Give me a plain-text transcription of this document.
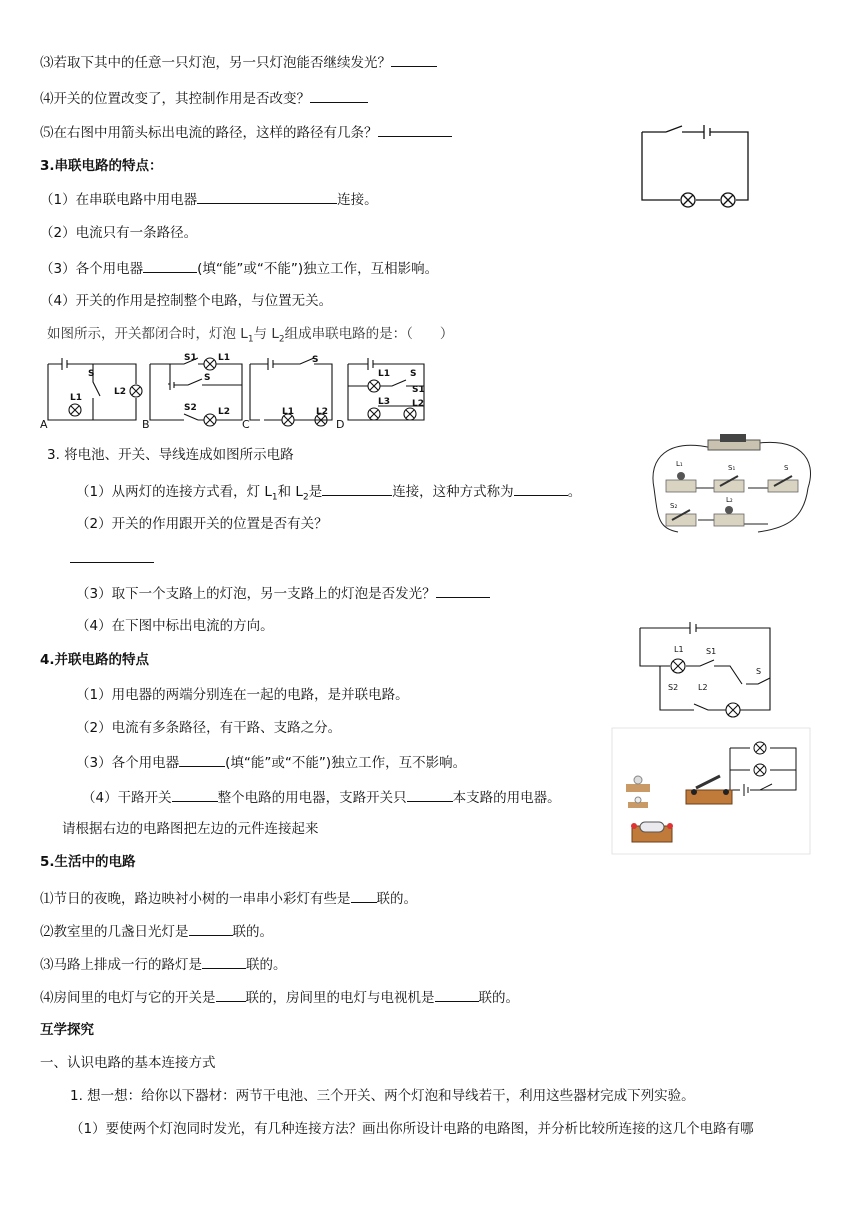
⑶若取下其中的任意一只灯泡，另一只灯泡能否继续发光？
⑷开关的位置改变了，其控制作用是否改变？
⑸在右图中用箭头标出电流的路径，这样的路径有几条？
3.串联电路的特点：
（1）在串联电路中用电器	连接。
（2）电流只有一条路径。
（3）各个用电器	(填“能”或“不能”)独立工作，互相影响。
（4）开关的作用是控制整个电路，与位置无关。
如图所示，开关都闭合时，灯泡 $L_1$与 $L_2$组成串联电路的是：（　　）
L1
L2
S
S1 L1
S
S2 L2
S
L1 L2
L1 S
S1
L3 L2
A	B	C	D
L₁	S₁	S
S₂
L₂
3. 将电池、开关、导线连成如图所示电路
（1）从两灯的连接方式看，灯 $L_1$和 $L_2$是	连接，这种方式称为	。
（2）开关的作用跟开关的位置是否有关？
（3）取下一个支路上的灯泡，另一支路上的灯泡是否发光？
（4）在下图中标出电流的方向。
L1	S1
S
S2 L2
4.并联电路的特点
（1）用电器的两端分别连在一起的电路，是并联电路。
（2）电流有多条路径，有干路、支路之分。
（3）各个用电器	(填“能”或“不能”)独立工作，互不影响。
（4）干路开关	整个电路的用电器，支路开关只	本支路的用电器。
请根据右边的电路图把左边的元件连接起来
5.生活中的电路
⑴节日的夜晚，路边映衬小树的一串串小彩灯有些是 联的。
⑵教室里的几盏日光灯是	联的。
⑶马路上排成一行的路灯是	联的。
⑷房间里的电灯与它的开关是 联的，房间里的电灯与电视机是	联的。
互学探究
一、认识电路的基本连接方式
1. 想一想：给你以下器材：两节干电池、三个开关、两个灯泡和导线若干，利用这些器材完成下列实验。
（1）要使两个灯泡同时发光，有几种连接方法？画出你所设计电路的电路图，并分析比较所连接的这几个电路有哪
